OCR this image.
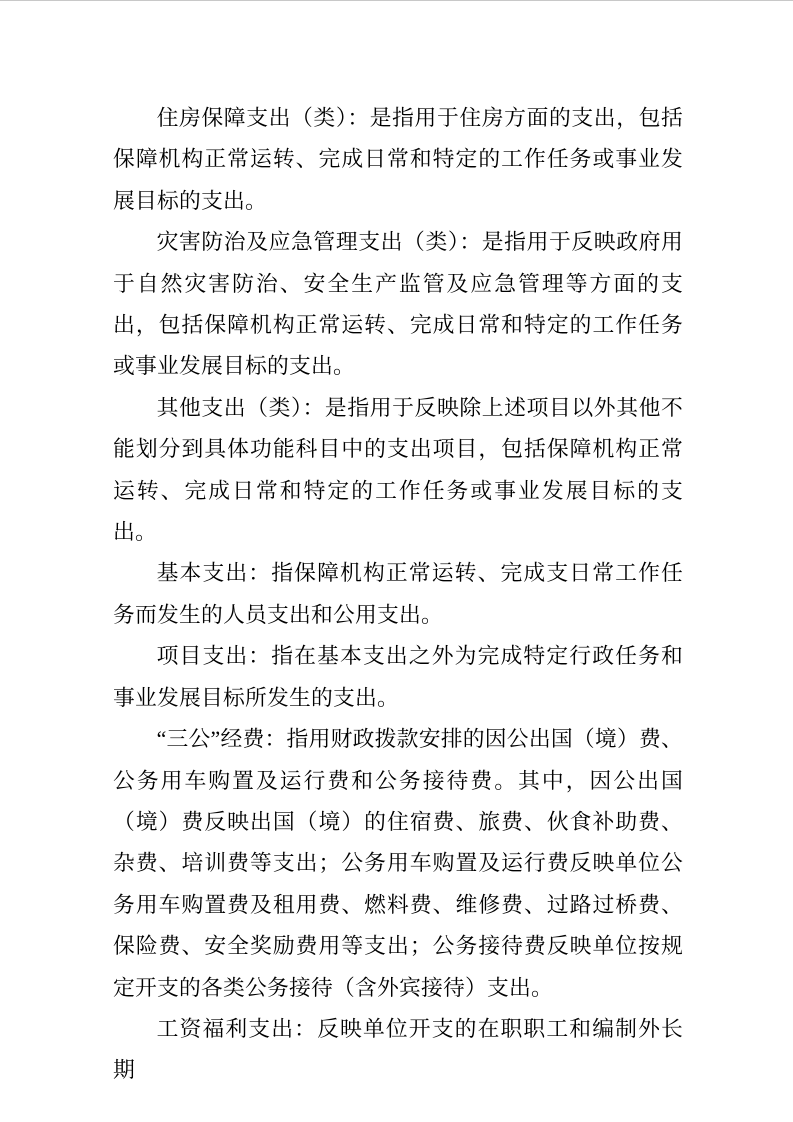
住房保障支出（类）：是指用于住房方面的支出，包括保障机构正常运转、完成日常和特定的工作任务或事业发展目标的支出。

灾害防治及应急管理支出（类）：是指用于反映政府用于自然灾害防治、安全生产监管及应急管理等方面的支出，包括保障机构正常运转、完成日常和特定的工作任务或事业发展目标的支出。

其他支出（类）：是指用于反映除上述项目以外其他不能划分到具体功能科目中的支出项目，包括保障机构正常运转、完成日常和特定的工作任务或事业发展目标的支出。

基本支出：指保障机构正常运转、完成支日常工作任务而发生的人员支出和公用支出。

项目支出：指在基本支出之外为完成特定行政任务和事业发展目标所发生的支出。

“三公”经费：指用财政拨款安排的因公出国（境）费、公务用车购置及运行费和公务接待费。其中，因公出国（境）费反映出国（境）的住宿费、旅费、伙食补助费、杂费、培训费等支出；公务用车购置及运行费反映单位公务用车购置费及租用费、燃料费、维修费、过路过桥费、保险费、安全奖励费用等支出；公务接待费反映单位按规定开支的各类公务接待（含外宾接待）支出。

工资福利支出：反映单位开支的在职职工和编制外长期
